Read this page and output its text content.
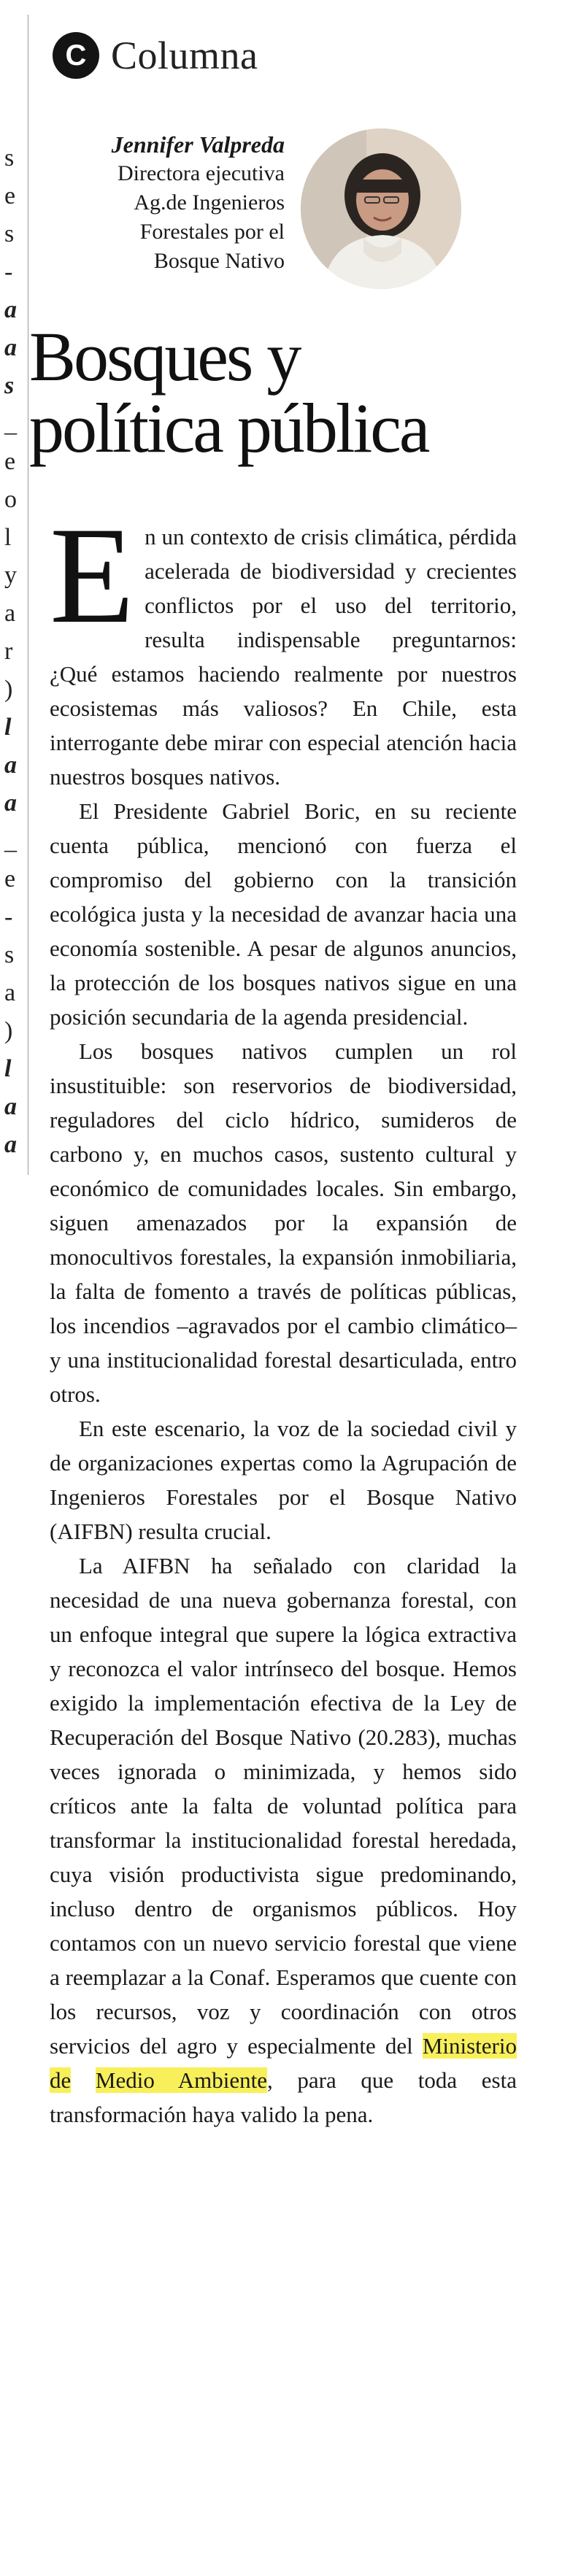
s
e
s
-
a
a
s
_
e
o
l
y
a
r
)
l
a
a
_
e
-
s
a
)
l
a
a
C Columna
Jennifer Valpreda
Directora ejecutiva
Ag.de Ingenieros
Forestales por el
Bosque Nativo
Bosques y
política pública

En un contexto de crisis climática, pérdida acelerada de biodiversidad y crecientes conflictos por el uso del territorio, resulta indispensable preguntarnos: ¿Qué estamos haciendo realmente por nuestros ecosistemas más valiosos? En Chile, esta interrogante debe mirar con especial atención hacia nuestros bosques nativos.

El Presidente Gabriel Boric, en su reciente cuenta pública, mencionó con fuerza el compromiso del gobierno con la transición ecológica justa y la necesidad de avanzar hacia una economía sostenible. A pesar de algunos anuncios, la protección de los bosques nativos sigue en una posición secundaria de la agenda presidencial.

Los bosques nativos cumplen un rol insustituible: son reservorios de biodiversidad, reguladores del ciclo hídrico, sumideros de carbono y, en muchos casos, sustento cultural y económico de comunidades locales. Sin embargo, siguen amenazados por la expansión de monocultivos forestales, la expansión inmobiliaria, la falta de fomento a través de políticas públicas, los incendios –agravados por el cambio climático– y una institucionalidad forestal desarticulada, entro otros.

En este escenario, la voz de la sociedad civil y de organizaciones expertas como la Agrupación de Ingenieros Forestales por el Bosque Nativo (AIFBN) resulta crucial.

La AIFBN ha señalado con claridad la necesidad de una nueva gobernanza forestal, con un enfoque integral que supere la lógica extractiva y reconozca el valor intrínseco del bosque. Hemos exigido la implementación efectiva de la Ley de Recuperación del Bosque Nativo (20.283), muchas veces ignorada o minimizada, y hemos sido críticos ante la falta de voluntad política para transformar la institucionalidad forestal heredada, cuya visión productivista sigue predominando, incluso dentro de organismos públicos. Hoy contamos con un nuevo servicio forestal que viene a reemplazar a la Conaf. Esperamos que cuente con los recursos, voz y coordinación con otros servicios del agro y especialmente del Ministerio de Medio Ambiente, para que toda esta transformación haya valido la pena.
